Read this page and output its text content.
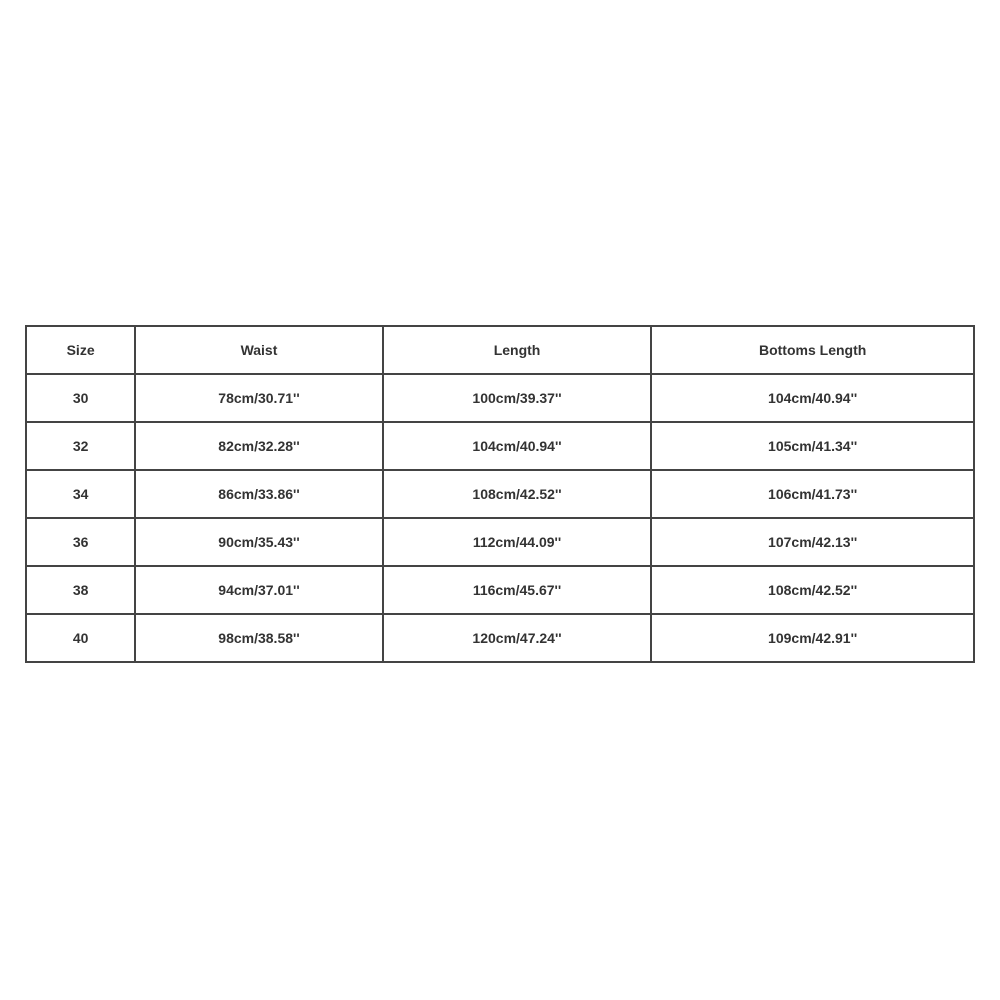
Size	Waist	Length	Bottoms Length
30	78cm/30.71''	100cm/39.37''	104cm/40.94''
32	82cm/32.28''	104cm/40.94''	105cm/41.34''
34	86cm/33.86''	108cm/42.52''	106cm/41.73''
36	90cm/35.43''	112cm/44.09''	107cm/42.13''
38	94cm/37.01''	116cm/45.67''	108cm/42.52''
40	98cm/38.58''	120cm/47.24''	109cm/42.91''
